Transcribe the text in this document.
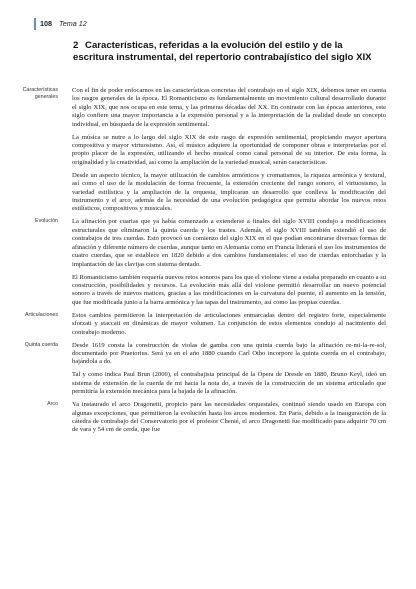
108 Tema 12
2 Características, referidas a la evolución del estilo y de la escritura instrumental, del repertorio contrabajístico del siglo XIX

Características generales
Con el fin de poder enfocarnos en las características concretas del contrabajo en el siglo XIX, debemos tener en cuenta los rasgos generales de la época. El Romanticismo es fundamentalmente un movimiento cultural desarrollado durante el siglo XIX, que nos ocupa en este tema, y las primeras décadas del XX. En contraste con las épocas anteriores, este siglo confiere una mayor importancia a la expresión personal y a la interpretación de la realidad desde un concepto individual, en búsqueda de la expresión sentimental.

La música se nutre a lo largo del siglo XIX de este rasgo de expresión sentimental, propiciando mayor apertura compositiva y mayor virtuosismo. Así, el músico adquiere la oportunidad de componer obras e interpretarlas por el propio placer de la expresión, utilizando el hecho musical como canal personal de su interior. De esta forma, la originalidad y la creatividad, así como la ampliación de la variedad musical, serán características.

Desde un aspecto técnico, la mayor utilización de cambios armónicos y cromatismos, la riqueza armónica y textural, así como el uso de la modulación de forma frecuente, la extensión creciente del rango sonoro, el virtuosismo, la variedad estilística y la ampliación de la orquesta, implicaran un desarrollo que conlleva la modificación del instrumento y el arco, además de la necesidad de una evolución pedagógica que permita abordar los nuevos retos estilísticos, compositivos y musicales.

Evolución La afinación por cuartas que ya había comenzado a extenderse a finales del siglo XVIII condujo a modificaciones estructurales que eliminaron la quinta cuerda y los trastes. Además, el siglo XVIII también extendió el uso de contrabajos de tres cuerdas. Esto provocó un comienzo del siglo XIX en el que podían encontrarse diversas formas de afinación y diferente número de cuerdas, aunque tanto en Alemania como en Francia liderará el uso los instrumentos de cuatro cuerdas, que se establece en 1820 debido a dos cambios fundamentales: el uso de cuerdas entorchadas y la implantación de las clavijas con sistema dentado.

El Romanticismo también requería nuevos retos sonoros para los que el violone viene a estaba preparado en cuanto a su construcción, posibilidades y recursos. La evolución más allá del violone permitió desarrollar un nuevo potencial sonoro a través de nuevos matices, gracias a las modificaciones en la curvatura del puente, el aumento en la tensión, que fue modificada junto a la barra armónica y las tapas del instrumento, así como las propias cuerdas.

Articulaciones Estos cambios permitieron la interpretación de articulaciones enmarcadas dentro del registro forte, especialmente sforzati y staccati en dinámicas de mayor volumen. La conjunción de estos elementos condujo al nacimiento del contrabajo moderno.

Quinta cuerda Desde 1619 consta la construcción de violas de gamba con una quinta cuerda bajo la afinación re-mi-la-re-sol, documentado por Praetorius. Será ya en el año 1880 cuando Carl Otho incorpore la quinta cuerda en el contrabajo, bajándola a do.

Tal y como indica Paul Brun (2000), el contrabajista principal de la Ópera de Dresde en 1880, Bruno Keyl, ideó un sistema de extensión de la cuerda de mi hacia la nota do, a través de la construcción de un sistema articulado que permitiría la extensión mecánica para la bajada de la afinación.

Arco Ya instaurado el arco Dragonetti, propicio para las necesidades orquestales, continuó siendo usado en Europa con algunas excepciones, que permitieron la evolución hasta los arcos modernos. En París, debido a la inauguración de la cátedra de contrabajo del Conservatorio por el profesor Chenié, el arco Dragonetti fue modificado para adquirir 70 cm de vara y 54 cm de cerda, que fue
